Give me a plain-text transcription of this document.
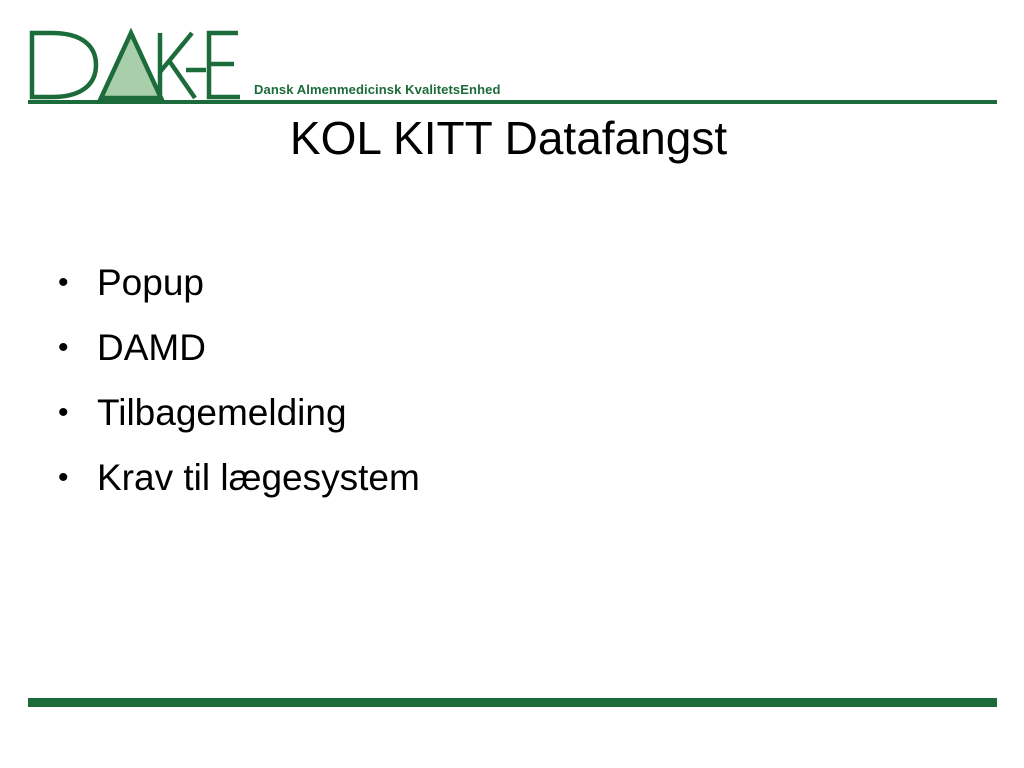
Dansk Almenmedicinsk KvalitetsEnhed
KOL KITT Datafangst
• Popup
• DAMD
• Tilbagemelding
• Krav til lægesystem
